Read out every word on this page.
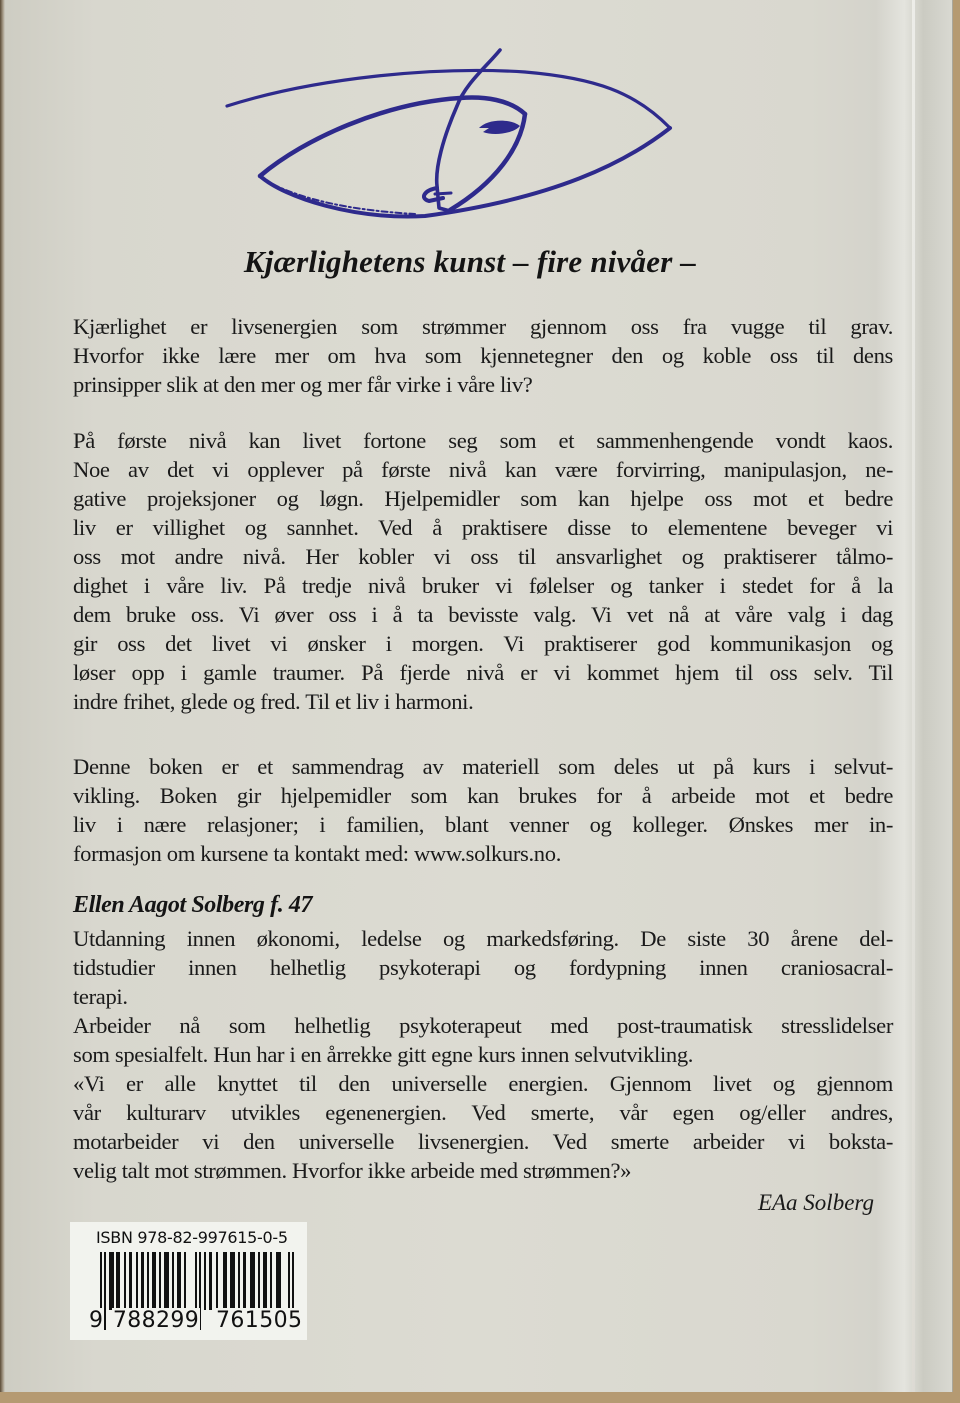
Kjærlighetens kunst – fire nivåer –
Kjærlighet er livsenergien som strømmer gjennom oss fra vugge til grav.
Hvorfor ikke lære mer om hva som kjennetegner den og koble oss til dens
prinsipper slik at den mer og mer får virke i våre liv?
På første nivå kan livet fortone seg som et sammenhengende vondt kaos.
Noe av det vi opplever på første nivå kan være forvirring, manipulasjon, ne-
gative projeksjoner og løgn. Hjelpemidler som kan hjelpe oss mot et bedre
liv er villighet og sannhet. Ved å praktisere disse to elementene beveger vi
oss mot andre nivå. Her kobler vi oss til ansvarlighet og praktiserer tålmo-
dighet i våre liv. På tredje nivå bruker vi følelser og tanker i stedet for å la
dem bruke oss. Vi øver oss i å ta bevisste valg. Vi vet nå at våre valg i dag
gir oss det livet vi ønsker i morgen. Vi praktiserer god kommunikasjon og
løser opp i gamle traumer. På fjerde nivå er vi kommet hjem til oss selv. Til
indre frihet, glede og fred. Til et liv i harmoni.
Denne boken er et sammendrag av materiell som deles ut på kurs i selvut-
vikling. Boken gir hjelpemidler som kan brukes for å arbeide mot et bedre
liv i nære relasjoner; i familien, blant venner og kolleger. Ønskes mer in-
formasjon om kursene ta kontakt med: www.solkurs.no.
Ellen Aagot Solberg f. 47
Utdanning innen økonomi, ledelse og markedsføring. De siste 30 årene del-
tidstudier innen helhetlig psykoterapi og fordypning innen craniosacral-
terapi.
Arbeider nå som helhetlig psykoterapeut med post-traumatisk stresslidelser
som spesialfelt. Hun har i en årrekke gitt egne kurs innen selvutvikling.
«Vi er alle knyttet til den universelle energien. Gjennom livet og gjennom
vår kulturarv utvikles egenenergien. Ved smerte, vår egen og/eller andres,
motarbeider vi den universelle livsenergien. Ved smerte arbeider vi boksta-
velig talt mot strømmen. Hvorfor ikke arbeide med strømmen?»
EAa Solberg
ISBN 978-82-997615-0-5
9 788299 761505
